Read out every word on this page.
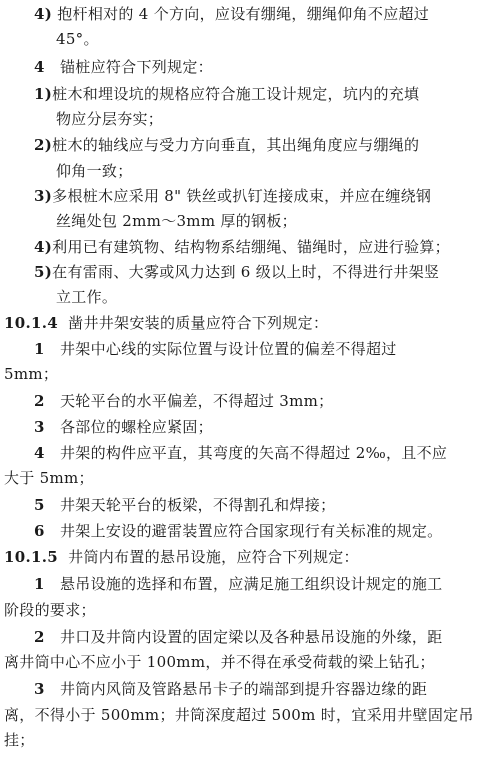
4) 抱杆相对的 4 个方向，应设有绷绳，绷绳仰角不应超过
45°。
4 锚桩应符合下列规定：
1)桩木和埋设坑的规格应符合施工设计规定，坑内的充填
物应分层夯实；
2)桩木的轴线应与受力方向垂直，其出绳角度应与绷绳的
仰角一致；
3)多根桩木应采用 8" 铁丝或扒钉连接成束，并应在缠绕钢
丝绳处包 2mm～3mm 厚的钢板；
4)利用已有建筑物、结构物系结绷绳、锚绳时，应进行验算；
5)在有雷雨、大雾或风力达到 6 级以上时，不得进行井架竖
立工作。
10.1.4 凿井井架安装的质量应符合下列规定：
1 井架中心线的实际位置与设计位置的偏差不得超过
5mm；
2 天轮平台的水平偏差，不得超过 3mm；
3 各部位的螺栓应紧固；
4 井架的构件应平直，其弯度的矢高不得超过 2‰，且不应
大于 5mm；
5 井架天轮平台的板梁，不得割孔和焊接；
6 井架上安设的避雷装置应符合国家现行有关标准的规定。
10.1.5 井筒内布置的悬吊设施，应符合下列规定：
1 悬吊设施的选择和布置，应满足施工组织设计规定的施工
阶段的要求；
2 井口及井筒内设置的固定梁以及各种悬吊设施的外缘，距
离井筒中心不应小于 100mm，并不得在承受荷载的梁上钻孔；
3 井筒内风筒及管路悬吊卡子的端部到提升容器边缘的距
离，不得小于 500mm；井筒深度超过 500m 时，宜采用井壁固定吊
挂；
